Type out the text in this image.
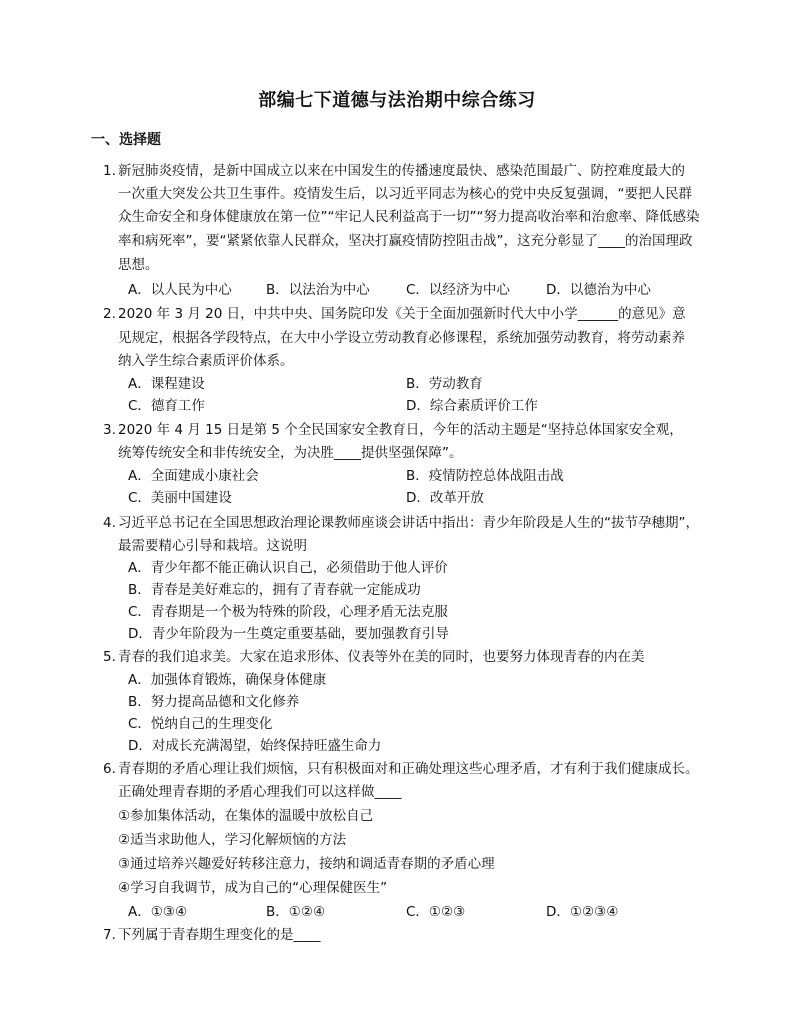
部编七下道德与法治期中综合练习
一、选择题
1. 新冠肺炎疫情，是新中国成立以来在中国发生的传播速度最快、感染范围最广、防控难度最大的
一次重大突发公共卫生事件。疫情发生后，以习近平同志为核心的党中央反复强调，“要把人民群
众生命安全和身体健康放在第一位”“牢记人民利益高于一切”“努力提高收治率和治愈率、降低感染
率和病死率”，要“紧紧依靠人民群众，坚决打赢疫情防控阻击战”，这充分彰显了____的治国理政
思想。
A．以人民为中心	B．以法治为中心	C．以经济为中心	D．以德治为中心
2. 2020 年 3 月 20 日，中共中央、国务院印发《关于全面加强新时代大中小学______的意见》意
见规定，根据各学段特点，在大中小学设立劳动教育必修课程，系统加强劳动教育，将劳动素养
纳入学生综合素质评价体系。
A．课程建设	B．劳动教育
C．德育工作	D．综合素质评价工作
3. 2020 年 4 月 15 日是第 5 个全民国家安全教育日，今年的活动主题是“坚持总体国家安全观，
统筹传统安全和非传统安全，为决胜____提供坚强保障”。
A．全面建成小康社会	B．疫情防控总体战阻击战
C．美丽中国建设	D．改革开放
4. 习近平总书记在全国思想政治理论课教师座谈会讲话中指出：青少年阶段是人生的“拔节孕穗期”，
最需要精心引导和栽培。这说明
A．青少年都不能正确认识自己，必须借助于他人评价
B．青春是美好难忘的，拥有了青春就一定能成功
C．青春期是一个极为特殊的阶段，心理矛盾无法克服
D．青少年阶段为一生奠定重要基础，要加强教育引导
5. 青春的我们追求美。大家在追求形体、仪表等外在美的同时，也要努力体现青春的内在美
A．加强体育锻炼，确保身体健康
B．努力提高品德和文化修养
C．悦纳自己的生理变化
D．对成长充满渴望，始终保持旺盛生命力
6. 青春期的矛盾心理让我们烦恼，只有积极面对和正确处理这些心理矛盾，才有利于我们健康成长。
正确处理青春期的矛盾心理我们可以这样做____
①参加集体活动，在集体的温暖中放松自己
②适当求助他人，学习化解烦恼的方法
③通过培养兴趣爱好转移注意力，接纳和调适青春期的矛盾心理
④学习自我调节，成为自己的“心理保健医生”
A．①③④	B．①②④	C．①②③	D．①②③④
7. 下列属于青春期生理变化的是____
